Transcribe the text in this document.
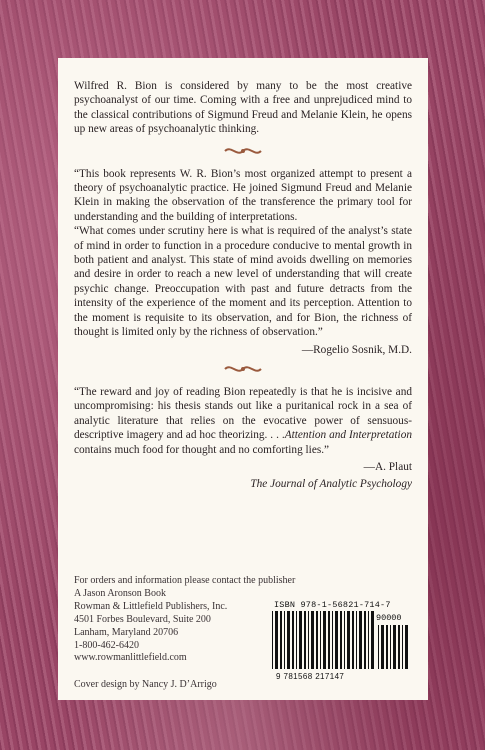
Wilfred R. Bion is considered by many to be the most creative psychoanalyst of our time. Coming with a free and unprejudiced mind to the classical contributions of Sigmund Freud and Melanie Klein, he opens up new areas of psychoanalytic thinking.

“This book represents W. R. Bion’s most organized attempt to present a theory of psychoanalytic practice. He joined Sigmund Freud and Melanie Klein in making the observation of the transference the primary tool for understanding and the building of interpretations.

“What comes under scrutiny here is what is required of the analyst’s state of mind in order to function in a procedure conducive to mental growth in both patient and analyst. This state of mind avoids dwelling on memories and desire in order to reach a new level of understanding that will create psychic change. Preoccupation with past and future detracts from the intensity of the experience of the moment and its perception. Attention to the moment is requisite to its observation, and for Bion, the richness of thought is limited only by the richness of observation.”

—Rogelio Sosnik, M.D.

“The reward and joy of reading Bion repeatedly is that he is incisive and uncompromising: his thesis stands out like a puritanical rock in a sea of analytic literature that relies on the evocative power of sensuous-descriptive imagery and ad hoc theorizing. . . .Attention and Interpretation contains much food for thought and no comforting lies.”

—A. Plaut

The Journal of Analytic Psychology

For orders and information please contact the publisher
A Jason Aronson Book
Rowman & Littlefield Publishers, Inc.
4501 Forbes Boulevard, Suite 200
Lanham, Maryland 20706
1-800-462-6420
www.rowmanlittlefield.com
ISBN 978-1-56821-714-7
90000
9 781568 217147
Cover design by Nancy J. D’Arrigo
